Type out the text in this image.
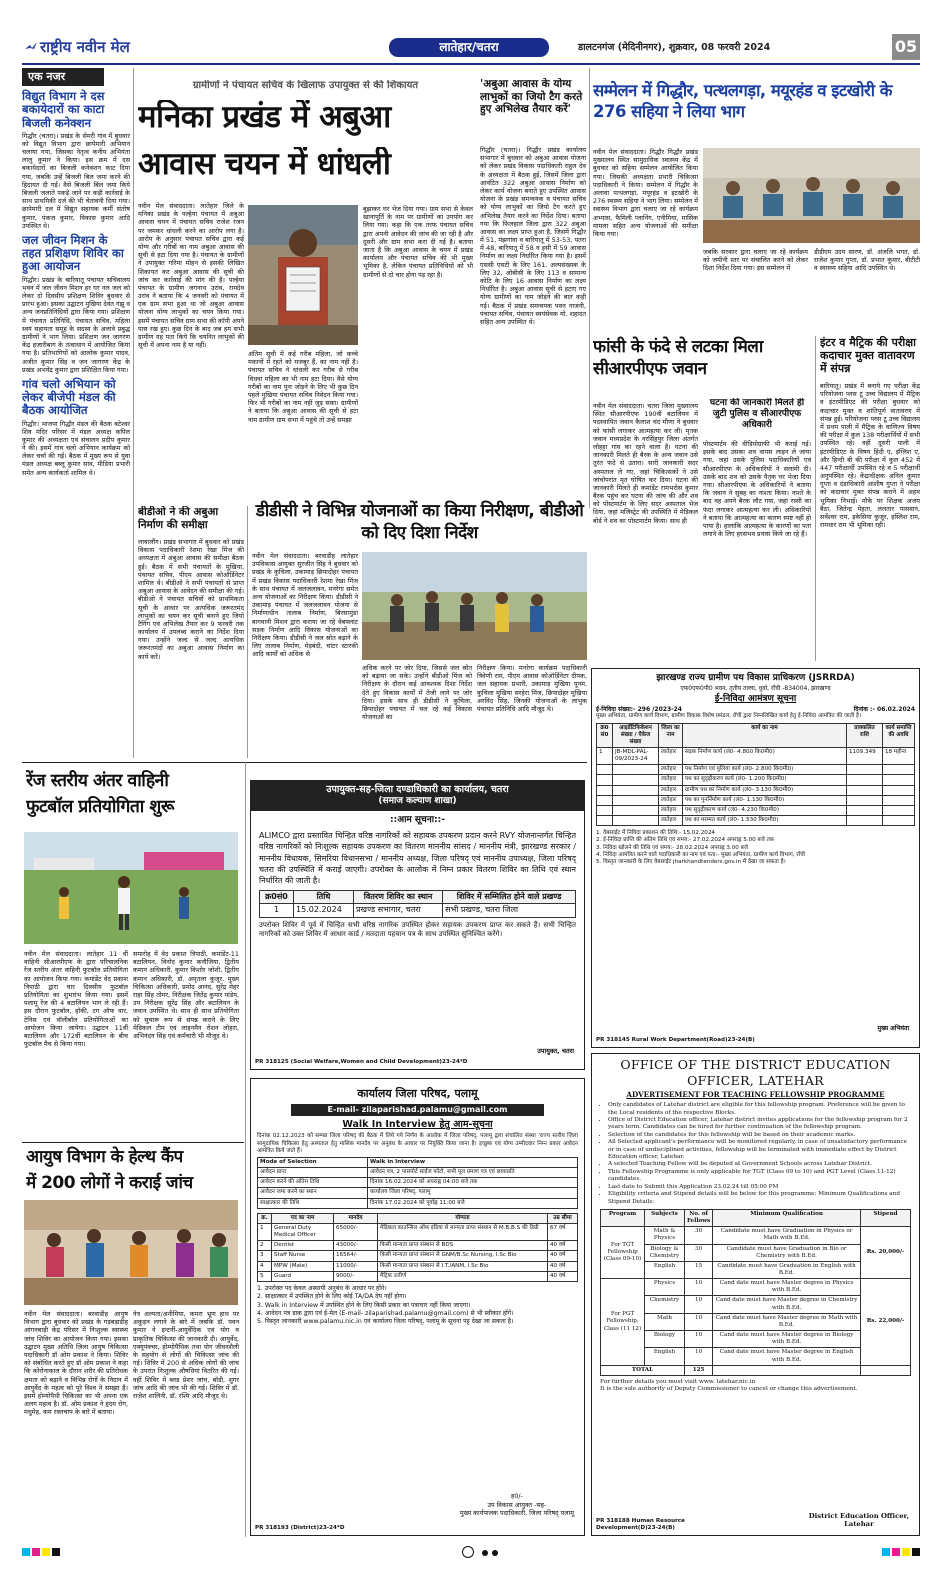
राष्ट्रीय नवीन मेल	लातेहार/चतरा	डालटनगंज (मेदिनीनगर), शुक्रवार, 08 फरवरी 2024	05
एक नजर
विद्युत विभाग ने दस बकायेदारों का काटा बिजली कनेक्शन
गिद्धौर (चतरा)। प्रखंड के सेमरी गांव में बुधवार को विद्युत विभाग द्वारा छापेमारी अभियान चलाया गया, जिसका नेतृत्व कनीय अभियंता लालु कुमार ने किया। इस क्रम में दस बकायेदारों का बिजली कनेक्शन काट दिया गया, जबकि उन्हें बिजली बिल जमा करने की हिदायत दी गई। वैसे बिजली बिल जमा किये बिजली जलाते पकड़े जाने पर कड़ी कार्रवाई के साथ प्राथमिकी दर्ज की भी चेतावनी दिया गया। छापेमारी दल में विद्युत सहायक कर्मी संतोष कुमार, पंकज कुमार, विकास कुमार आदि उपस्थित थे।
जल जीवन मिशन के तहत प्रशिक्षण शिविर का हुआ आयोजन
गिद्धौर। प्रखंड के बारियातू पंचायत सचिवालय भवन में जल जीवन मिशन हर घर नल जल को लेकर दो दिवसीय प्रशिक्षण शिविर बुधवार से प्रारंभ हुआ। इसका उद्घाटन मुखिया देवंत गंझु व अन्य जनप्रतिनिधियों द्वारा किया गया। प्रशिक्षण में पंचायत प्रतिनिधि, पंचायत सचिव, महिला स्वयं सहायता समूह के सदस्य के अलावे प्रबुद्ध ग्रामीणों ने भाग लिया। प्रशिक्षण जन जागरण केंद्र हजारीबाग के तत्वाधान में आयोजित किया गया है। प्रतिभागियों को आलोक कुमार यादव, अजीत कुमार सिंह व जन जागरण केंद्र के प्रखंड अभयेंद्र कुमार द्वारा प्रशिक्षित किया गया।
गांव चलो अभियान को लेकर बीजेपी मंडल की बैठक आयोजित
गिद्धौर। भाजपा गिद्धौर मंडल की बैठक बटेश्वर शिव मंदिर परिसर में मंडल अध्यक्ष कपिल कुमार की अध्यक्षता एवं संचालन प्रदीप कुमार ने की। इसमें गांव चलो अभियान कार्यक्रम को लेकर चर्चा की गई। बैठक में मुख्य रूप से युवा मंडल अध्यक्ष बब्लू कुमार साव, मीडिया प्रभारी समेत अन्य कार्यकर्ता शामिल थे।
ग्रामीणों ने पंचायत सचिव के खिलाफ उपायुक्त से की शिकायत
मनिका प्रखंड में अबुआ
आवास चयन में धांधली
नवीन मेल संवाददाता। लातेहार जिले के मनिका प्रखंड के पल्हेया पंचायत में अबुआ आवास चयन में पंचायत सचिव राजेश रंजन पर जमकर धांधली करने का आरोप लगा है। आरोप के अनुसार पंचायत सचिव द्वारा कई योग्य और गरीबों का नाम अबुआ आवास की सूची से हटा दिया गया है। पंचायत के ग्रामीणों ने उपायुक्त गरिमा मोहन से इसकी लिखित शिकायत कर अबुआ आवास की सूची की जांच कर कार्रवाई की मांग की है। पल्हेया पंचायत के ग्रामीण जगनाथ उरांव, रामदेव उरांव ने बताया कि 4 जनवरी को पंचायत में एक ग्राम सभा हुआ था जो अबुआ आवास योजना योग्य लाभुकों का चयन किया गया। इसमें पंचायत सचिव ग्राम सभा की कॉपी अपने पास रख हुए। कुछ दिन के बाद जब हम सभी ग्रामीण यह पता किये कि चयनित लाभुकों की सूची में अपना नाम है या नहीं।
अंतिम सूची में कई गरीब महिला, जो कच्चे मकानों में रहते को मजबूर हैं, का नाम नहीं है। पंचायत सचिव ने धांधली कर गरीब से गरीब विधवा महिला का भी नाम हटा दिया। वैसे योग्य गरीबों का नाम पुनः जोड़ने के लिए भी कुछ दिन पहले मुखिया पंचायत सचिव निवेदन किया गया। फिर भी गरीबों का नाम नहीं जुड़ सका। ग्रामीणों ने बताया कि अबुआ आवास की सूची से हटा नाम ग्रामीण ग्राम सभा में पहुंचे तो उन्हें समझा
बुझाकर घर भेज दिया गया। ग्राम सभा से केवल खानापूर्ति के नाम पर ग्रामीणों का उपयोग कर लिया गया। कहा कि एक तरफ पंचायत सचिव द्वारा अपनी आवेदन की जांच की जा रही है और दूसरी और ग्राम सभा करा दी गई है। बताया जाता है कि अबुआ आवास के चयन में प्रखंड कार्यालय और पंचायत सचिव की भी मुख्य भूमिका है, लेकिन पंचायत प्रतिनिधियों को भी ग्रामीणों से दो चार होना पड़ रहा है।
'अबुआ आवास के योग्य लाभुकों का जियो टैग करते हुए अभिलेख तैयार करें'
गिद्धौर (चतरा)। गिद्धौर प्रखंड कार्यालय सभागार में बुधवार को अबुआ आवास योजना को लेकर प्रखंड विकास पदाधिकारी राहुल देव के अध्यक्षता में बैठक हुई, जिसमें जिला द्वारा आवंटित 322 अबुआ आवास निर्माण को लेकर कार्य योजना बनाते हुए उपस्थित आवास योजना के प्रखंड समन्वयक व पंचायत सचिव को योग्य लाभुकों का जियो टैग करते हुए अभिलेख तैयार करने का निर्देश दिया। बताया गया कि फिलहाल जिला द्वारा 322 अबुआ आवास का लक्ष्य प्राप्त हुआ है, जिसमें गिद्धौर में 51, मंझगांवा व बारियातू में 53-53, पतरा में 48, बारियातू में 58 व इसी में 59 आवास निर्माण का लक्ष्य निर्धारित किया गया है। इसमें एससी एसटी के लिए 161, अल्पसंख्यक के लिए 32, ओबीसी के लिए 113 व सामान्य कोटि के लिए 16 आवास निर्माण का लक्ष्य निर्धारित है। अबुआ आवास सूची से हटाए गए योग्य ग्रामीणों का नाम जोड़ने की बात कही गई। बैठक में प्रखंड समन्वयक पवन नाजनी, पंचायत सचिव, पंचायत स्वयंसेवक मो. शहादत सहित अन्य उपस्थित थे।
सम्मेलन में गिद्धौर, पत्थलगड़ा, मयूरहंड व इटखोरी के 276 सहिया ने लिया भाग
नवीन मेल संवाददाता। गिद्धौर गिद्धौर प्रखंड मुख्यालय स्थित सामुदायिक स्वास्थ्य केंद्र में बुधवार को सहिया सम्मेलन आयोजित किया गया। जिसकी अध्यक्षता प्रभारी चिकित्सा पदाधिकारी ने किया। सम्मेलन में गिद्धौर के अलावा पत्थलगड़ा, मयूरहंड व इटखोरी के 276 स्वस्थ्य सहिया ने भाग लिया। सम्मेलन में स्वास्थ्य विभाग द्वारा चलाए जा रहे कार्यक्रम अभ्यास, फैमिली प्लानिंग, एनीमिया, मासिक मामला सहित अन्य योजनाओं की समीक्षा किया गया।
जबकि सरकार द्वारा चलाए जा रहे कार्यक्रम को जमीनी स्तर पर संचालित करने को लेकर दिशा निर्देश दिया गया। इस सम्मेलन में
डीडीएम उदय सारण, डॉ. अंजलि भगत, डॉ. राजेश कुमार गुप्ता, डॉ. प्रभात कुमार, बीटीटी व स्वास्थ्य सहिया आदि उपस्थित थे।
फांसी के फंदे से लटका मिला सीआरपीएफ जवान
नवीन मेल संवाददाता। चतरा जिला मुख्यालय स्थित सीआरपीएफ 190वीं बटालियन में पदस्थापित जवान कैलाश चंद मीणा ने बुधवार को फांसी लगाकर आत्महत्या कर ली। मृतक जवान मध्यप्रदेश के नरसिंहपुर जिला अंतर्गत लोहट्टा गांव का रहने वाला है। घटना की जानकारी मिलते ही बैरक के अन्य जवान उसे तुरंत फंदे से उतारा। सारी जानकारी सदर अस्पताल ले गए, जहां चिकित्सकों ने उसे जांचोपरांत मृत घोषित कर दिया। घटना की जानकारी मिलते ही कमांडेंट रामभरोस कुमार बैरक पहुंच कर घटना की जांच की और शव को पोस्टमार्टम के लिए सदर अस्पताल भेज दिया, जहां मजिस्ट्रेट की उपस्थिति में मेडिकल बोर्ड ने शव का पोस्टमार्टम किया। साथ ही
घटना की जानकारी मिलते ही जुटी पुलिस व सीआरपीएफ अधिकारी
पोस्टमार्टम की वीडियोग्राफी भी कराई गई। इसके बाद उसका शव वापस लाइन ले जाया गया, जहां उसके पुलिस पदाधिकारियों एवं सीआरपीएफ के अधिकारियों ने सलामी दी। उसके बाद शव को उसके पैतृक घर भेजा दिया गया। सीआरपीएफ के अधिकारियों ने बताया कि जवान ने सुबह का नाश्ता किया। नाश्ते के बाद वह अपने बैरक लौट गया, जहां रस्सी का फंदा लगाकर आत्महत्या कर ली। अधिकारियों ने बताया कि आत्महत्या का कारण स्पष्ट नहीं हो पाया है। हालांकि आत्महत्या के कारणों का पता लगाने के लिए हरसंभव प्रयास किये जा रहे हैं।
इंटर व मैट्रिक की परीक्षा कदाचार मुक्त वातावरण में संपन्न
बारियातू। प्रखंड में बनाये गए परीक्षा केंद्र परियोजना प्लस टू उच्च विद्यालय में मैट्रिक व इंटरमीडिएट की परीक्षा बुधवार को कदाचार मुक्त व शांतिपूर्ण वातावरण में संपन्न हुई। परियोजना प्लस टू उच्च विद्यालय में प्रथम पाली में मैट्रिक के वाणिज्य विषय की परीक्षा में कुल 138 परीक्षार्थियों में सभी उपस्थित रहे। वहीं दूसरी पाली में इंटरमीडिएट के विषय हिंदी ए, इंग्लिश ए, और हिन्दी बी की परीक्षा में कुल 452 में 447 परीक्षार्थी उपस्थित रहे व 5 परीक्षार्थी अनुपस्थित रहे। केंद्राधीक्षक अनिल कुमार गुप्ता व दंडाधिकारी आशीष गुप्ता ने परीक्षा को कदाचार मुक्त संपन्न कराने में अहम भूमिका निभाई। मौके पर शिक्षक अजय बैठा, जितेन्द्र मेहता, ललतार पासवान, सर्वेश्वर राम, इकेसिया कुजूर, इस्लिश राम, रामधार राम भी भूमिका रही।
बीडीओ ने की अबुआ निर्माण की समीक्षा
लावालौंग। प्रखंड सभागार में बुधवार को प्रखंड विकास पदाधिकारी रेशमा रेखा मिंज की अध्यक्षता में अबुआ आवास की समीक्षा बैठक हुई। बैठक में सभी पंचायतों के मुखिया, पंचायत सचिव, पीएम आवास कोऑर्डिनेटर शामिल थे। बीडीओ ने सभी पंचायतों से प्राप्त अबुआ आवास के आवेदन की समीक्षा की गई। बीडीओ ने पंचायत सचिवों को प्राथमिकता सूची के आधार पर अत्यधिक जरूरतमंद लाभुकों का चयन कर सूची बनाने हुए जियो टैगिंग एवं अभिलेख तैयार कर 9 फरवरी तक कार्यालय में उपलब्ध कराने का निर्देश दिया गया। उन्होंने जल्द से जल्द अत्यधिक जरूरतमंदों का अबुआ आवास निर्माण का कार्य करें।
डीडीसी ने विभिन्न योजनाओं का किया निरीक्षण, बीडीओ को दिए दिशा निर्देश
नवीन मेल संवाददाता। बरवाडीह लातेहार उपविकास आयुक्त सुरजीत सिंह ने बुधवार को प्रखंड के कुचिला, उकामाड़ छिपादोहर पंचायत में प्रखंड विकास पदाधिकारी रेशमा रेखा मिंज के साथ पंचायत में जलजलावन, मनरेगा समेत अन्य योजनाओं का निरीक्षण किया। डीडीसी ने उकामाड़ पंचायत में जलजलावन योजना से निर्माणाधीन तालाब निर्माण, बिरसामुंडा बागवानी मिशन द्वारा कराया जा रहे वेबफ्लांट सड़क निर्माण आदि विकास योजनाओं का निरीक्षण किया। डीडीसी ने जल स्रोत बढ़ाने के लिए तालाब निर्माण, मेड़बंदी, चांटर स्टारकी आदि कार्यों को अधिक से
अधिक करने पर जोर दिया, जिससे जल स्रोत को बढ़ाया जा सके। उन्होंने बीडीओ मिंज को निरीक्षण के दौरान कई आवश्यक दिशा निर्देश देते हुए विकास कार्यों में तेजी लाने पर जोर दिया। इसके साथ ही डीडीसी ने कुचिला, छिपादोहर पंचायत में चल रहे कई विकास योजनाओं का
निरीक्षण किया। मनरेगा कार्यक्रम पदाधिकारी त्रिवेणी राम, पीएम आवास कोऑर्डिनेटर दीपक, जल सहायक प्रभारी, उकामाड़ मुखिया पूनम, कुचिला मुखिया सरहेरा मिंज, छिपादोहर मुखिया अरविंद सिंह, जिनकी योजनाओं के लाभुक पंचायत प्रतिनिधि आदि मौजूद थे।
झारखण्ड राज्य ग्रामीण पथ विकास प्राधिकरण (JSRRDA)
एफ0एफ0पी0 भवन, तृतीय तल्ला, धुर्वा, राँची -834004, झारखण्ड
ई-निविदा आमंत्रण सूचना
ई-निविदा संख्या:- 296 /2023-24	दिनांक :- 06.02.2024
मुख्य अभियंता, ग्रामीण कार्य विभाग, ग्रामीण विकास विशेष प्रमंडल, राँची द्वारा निम्नलिखित कार्य हेतु ई-निविदा आमंत्रित की जाती है।
क्र0 सं0	आइडेंटिफिकेशन संख्या / पैकेज संख्या	जिला का नाम	कार्य का नाम	प्राक्कलित राशि	कार्य समाप्ति की अवधि
1	JB-MDL-PAL-09/2023-24	लातेहार	सड़क निर्माण कार्य (लं0- 4.800 कि0मी0)	1109.349	18 महीना
		लातेहार	पथ निर्माण एवं पुलिया कार्य (लं0- 2.800 कि0मी0)		
		लातेहार	पथ का सुदृढ़ीकरण कार्य (लं0- 1.200 कि0मी0)		
		लातेहार	ग्रामीण पथ का निर्माण कार्य (लं0- 3.130 कि0मी0)		
		लातेहार	पथ का पुनर्निर्माण कार्य (लं0- 1.130 कि0मी0)		
		लातेहार	पथ सुदृढ़ीकरण कार्य (लं0- 4.230 कि0मी0)		
		लातेहार	पथ का मरम्मत कार्य (लं0- 1.530 कि0मी0)		
1. वेबसाईट में निविदा प्रकाशन की तिथि:- 15.02.2024
2. ई-निविदा प्राप्ति की अंतिम तिथि एवं समय:- 27.02.2024 अपराह्न 5.00 बजे तक
3. निविदा खोलने की तिथि एवं समय:- 28.02.2024 अपराह्न 3.00 बजे
4. निविदा आमंत्रित करने वाले पदाधिकारी का नाम एवं पता:- मुख्य अभियंता, ग्रामीण कार्य विभाग, राँची
5. विस्तृत जानकारी के लिए वेबसाईट jharkhandtenders.gov.in में देखा जा सकता है।
मुख्य अभियंता
PR 318145 Rural Work Department(Road)23-24(B)
रेंज स्तरीय अंतर वाहिनी
फुटबॉल प्रतियोगिता शुरू
नवीन मेल संवाददाता। लातेहार 11 वीं वाहिनी सीआरपीएफ के द्वारा परिचालनिक रेंज स्तरीय अंतर वाहिनी फुटबॉल प्रतियोगिता का आयोजन किया गया। कमांडेंट वेद प्रकाश त्रिपाठी द्वारा चार दिवसीय फुटबॉल प्रतियोगिता का शुभारंभ किया गया। इसमें पलामू रेंज की 4 बटालियन भाग ले रही हैं। इस दौरान फुटबॉल, हॉकी, टग ऑफ वार, टेनिस एवं वॉलीबॉल प्रतियोगिताओं का आयोजन किया जायेगा। उद्घाटन 11वीं बटालियन और 172वीं बटालियन के बीच फुटबॉल मैच से किया गया।
समारोह में वेद प्रकाश त्रिपाठी, कमांडेंट-11 बटालियन, विनोद कुमार कनौजिया, द्वितीय कमान अधिकारी, कुमार किशोर जोशी, द्वितीय कमान अधिकारी, डॉ. अमृतला कुजूर, मुख्य चिकित्सा अधिकारी, प्रमोद आनंद, सुरेंद्र मेहर राहा सिंह तोमर, निरीक्षक जितेंद्र कुमार पांडेय, उप निरीक्षक सुरेंद्र सिंह और बटालियन के जवान उपस्थित थे। साथ ही साथ प्रतियोगिता को सुचारू रूप से संपन्न कराने के लिए मेडिकल टीम एवं लाइनमैन रोशन लोहरा, अभिनंदन सिंह एवं कर्मचारी भी मौजूद थे।
आयुष विभाग के हेल्थ कैंप
में 200 लोगों ने कराई जांच
नवीन मेल संवाददाता। बरवाडीह आयुष विभाग द्वारा बुधवार को प्रखंड के गड़बड़ाडीह आंगनबाड़ी केंद्र परिसर में निःशुल्क स्वास्थ्य जांच शिविर का आयोजन किया गया। इसका उद्घाटन मुख्य अतिथि जिला आयुष चिकित्सा पदाधिकारी डॉ ओम प्रकाश ने किया। शिविर को संबोधित करते हुए डॉ ओम प्रकाश ने कहा कि कोरोनाकाल के दौरान शरीर की प्रतिरोधक क्षमता को बढ़ाने व विभिन्न रोगों के निदान में आयुर्वेद के महत्व को पूरे विश्व ने समझा है। इसमें होम्योपैथी चिकित्सा का भी अपना एक अलग महत्व है। डॉ. ओम प्रकाश ने हृदय रोग, मधुमेह, कम रक्तचाप के बारे में बताया।
नेत्र अल्पता/अनीमिया, कमरा भ्रूण हाथ पर अकुड़न लगाने के बारे में जबकि डॉ. पवन कुमार ने इन्टर्नी-आयुर्वेदिक एवं योग व प्राकृतिक चिकित्सा की जानकारी दी। आयुर्वेद, एक्यूपंक्चर, होम्योपैथिक तथा योग जीवनशैली के सहयोग से लोगों की चिकित्सा जांच की गई। शिविर में 200 से अधिक लोगों की जांच के उपरांत निःशुल्क औषधियां वितरित की गई। वहीं शिविर में ब्लड प्रेशर जांच, बॉडी, शुगर जांच आदि की जांच भी की गई। शिविर में डॉ. राजेश शालिनी, डॉ. रश्मि आदि मौजूद थे।
उपायुक्त-सह-जिला दण्डाधिकारी का कार्यालय, चतरा
(समाज कल्याण शाखा)
::आम सूचना::-
ALIMCO द्वारा प्रस्तावित चिन्हित वरिष्ठ नागरिकों को सहायक उपकरण प्रदान करने RVY योजनान्तर्गत चिन्हित वरिष्ठ नागरिकों को निःशुल्क सहायक उपकरण का वितरण माननीय सांसद / माननीय मंत्री, झारखण्ड सरकार / माननीय विधायक, सिमरिया विधानसभा / माननीय अध्यक्ष, जिला परिषद् एवं माननीय उपाध्यक्ष, जिला परिषद् चतरा की उपस्थिति में कराई जाएगी। उपरोक्त के आलोक में निम्न प्रकार वितरण शिविर का तिथि एवं स्थान निर्धारित की जाती है।
क्र0सं0	तिथि	वितरण शिविर का स्थान	शिविर में सम्मिलित होने वाले प्रखण्ड
1	15.02.2024	प्रखण्ड सभागार, चतरा	सभी प्रखण्ड, चतरा जिला
उपरोक्त शिविर में पूर्व में चिन्हित सभी वरिष्ठ नागरिक उपस्थित होकर सहायक उपकरण प्राप्त कर सकते हैं। सभी चिन्हित नागरिकों को उक्त शिविर में आधार कार्ड / मतदाता पहचान पत्र के साथ उपस्थित सुनिश्चित करेंगे।
उपायुक्त, चतरा
PR 318125 (Social Welfare,Women and Child Development)23-24*D
कार्यालय जिला परिषद, पलामू
E-mail- zilaparishad.palamu@gmail.com
Walk In Interview हेतु आम-सूचना
दिनांक 02.12.2023 को सम्पन्न जिला परिषद् की बैठक में लिये गये निर्णय के आलोक में जिला परिषद्, पलामू द्वारा संचालित संस्था 'राज्य स्तरीय जिला सामुदायिक चिकित्सा हेतु अस्पताल हेतु मासिक मानदेय पर अनुबंध के आधार पर नियुक्ति किया जाना है। इच्छुक एवं योग्य उम्मीदवार निम्न प्रकार आवेदन आमंत्रित किये जाते हैं।
Mode of Selection	Walk in Interview
आवेदन प्राप्त	आवेदन पत्र, 2 पासपोर्ट साईज फोटो, सभी मूल प्रमाण पत्र एवं छायाप्रति
आवेदन करने की अंतिम तिथि	दिनांक 16.02.2024 को अपराह्न 04:00 बजे तक
आवेदन जमा करने का स्थान	कार्यालय जिला परिषद्, पलामू
साक्षात्कार की तिथि	दिनांक 17.02.2024 को पूर्वाह्न 11:00 बजे
क्र.	पद का नाम	मानदेय	योग्यता	उम्र सीमा
1	General Duty Medical Officer	65000/-	मेडिकल काउन्सिल ऑफ इंडिया से मान्यता प्राप्त संस्थान से M.B.B.S की डिग्री	67 वर्ष
2	Dentist	43000/-	किसी मान्यता प्राप्त संस्थान से BDS	40 वर्ष
3	Staff Nurse	16564/-	किसी मान्यता प्राप्त संस्थान से GNM/B.Sc Nursing, I.Sc Bio	40 वर्ष
4	MPW (Male)	11000/-	किसी मान्यता प्राप्त संस्थान से I.T./ANM, I.Sc Bio	40 वर्ष
5	Guard	9000/-	मैट्रिक उत्तीर्ण	40 वर्ष
1. उपरोक्त पद केवल अस्थायी अनुबंध के आधार पर होंगे।
2. साक्षात्कार में उपस्थित होने के लिए कोई TA/DA देय नहीं होगा।
3. Walk in Interview में उपस्थित होने के लिए किसी प्रकार का पत्राचार नहीं किया जाएगा।
4. आवेदन पत्र डाक द्वारा एवं ई-मेल (E-mail- zilaparishad.palamu@gmail.com) से भी स्वीकार होंगे।
5. विस्तृत जानकारी www.palamu.nic.in एवं कार्यालय जिला परिषद्, पलामू के सूचना पट्ट देखा जा सकता है।
ह0/-
उप विकास आयुक्त -सह-
मुख्य कार्यपालक पदाधिकारी, जिला परिषद् पलामू
PR 318193 (District)23-24*D
OFFICE OF THE DISTRICT EDUCATION
OFFICER, LATEHAR
ADVERTISEMENT FOR TEACHING FELLOWSHIP PROGRAMME
• Only candidates of Latehar district are eligible for this fellowship program. Preference will be given to the Local residents of the respective Blocks.
• Office of District Education officer, Latehar district invites applications for the fellowship program for 2 years term. Candidates can be hired for further continuation of the fellowship program.
• Selection of the candidates for this fellowship will be based on their academic marks.
• All Selected applicant's performance will be monitored regularly, in case of unsatisfactory performance or in case of undisciplined activities, fellowship will be terminated with immediate effect by District Education officer, Latehar.
• A selected Teaching Fellow will be deputed at Government Schools across Latehar District.
• This Fellowship Programme is only applicable for TGT (Class 09 to 10) and PGT Level (Class 11-12) candidates.
• Last date to Submit this Application 23.02.24 till 05:00 PM
• Eligibility criteria and Stipend details will be below for this programme: Minimum Qualifications and Stipend Details:
Program	Subjects	No. of Fellows	Minimum Qualification	Stipend
For TGT Fellowship (Class 09-10)	Math & Physics	30	Candidate must have Graduation in Physics or Math with B.Ed.	Rs. 20,000/-
	Biology & Chemistry	30	Candidate must have Graduation in Bio or Chemistry with B.Ed.	
	English	15	Candidate must have Graduation in English with B.Ed.	
For PGT Fellowship, Class (11 12)	Physics	10	Cand date must have Master degree in Physics with B.Ed.	Rs. 22,000/-
	Chemistry	10	Cand date must have Master degree in Chemistry with B.Ed.	
	Math	10	Cand date must have Master degree in Math with B.Ed.	
	Biology	10	Cand date must have Master degree in Biology with B.Ed.	
	English	10	Cand date must have Master degree in English with B.Ed.	
TOTAL		125		
For further details you must visit www. latehar.nic.in
It is the sole authority of Deputy Commissioner to cancel or change this advertisement.
District Education Officer,
Latehar
PR 318188 Human Resource Development(D)23-24(B)
